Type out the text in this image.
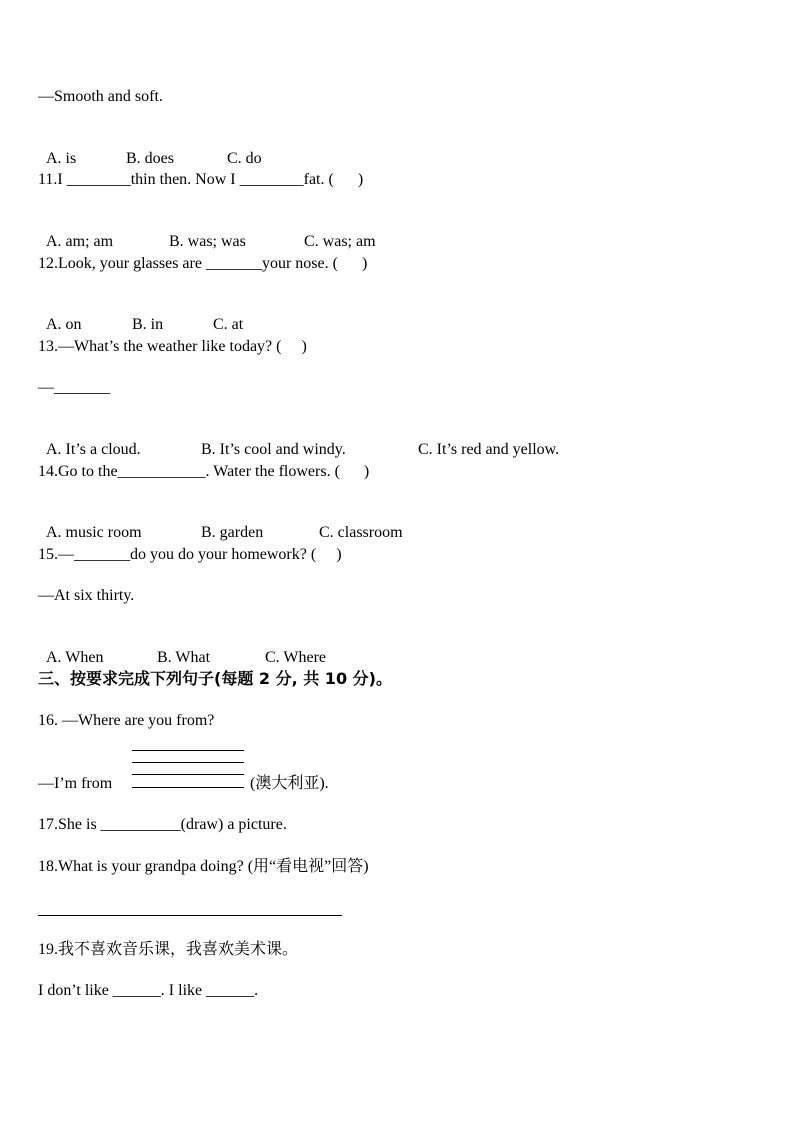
—Smooth and soft.

A. is	B. does	C. do

11.I ________thin then. Now I ________fat. (      )

A. am; am	B. was; was	C. was; am

12.Look, your glasses are _______your nose. (      )

A. on	B. in	C. at

13.—What’s the weather like today? (     )
—_______

A. It’s a cloud.	B. It’s cool and windy.	C. It’s red and yellow.

14.Go to the___________. Water the flowers. (      )

A. music room	B. garden	C. classroom

15.—_______do you do your homework? (     )
—At six thirty.

A. When	B. What	C. Where

三、按要求完成下列句子(每题 2 分, 共 10 分)。
16. —Where are you from?
—I’m from	(澳大利亚).
17.She is __________(draw) a picture.
18.What is your grandpa doing? (用“看电视”回答)
19.我不喜欢音乐课，我喜欢美术课。
I don’t like ______. I like ______.
